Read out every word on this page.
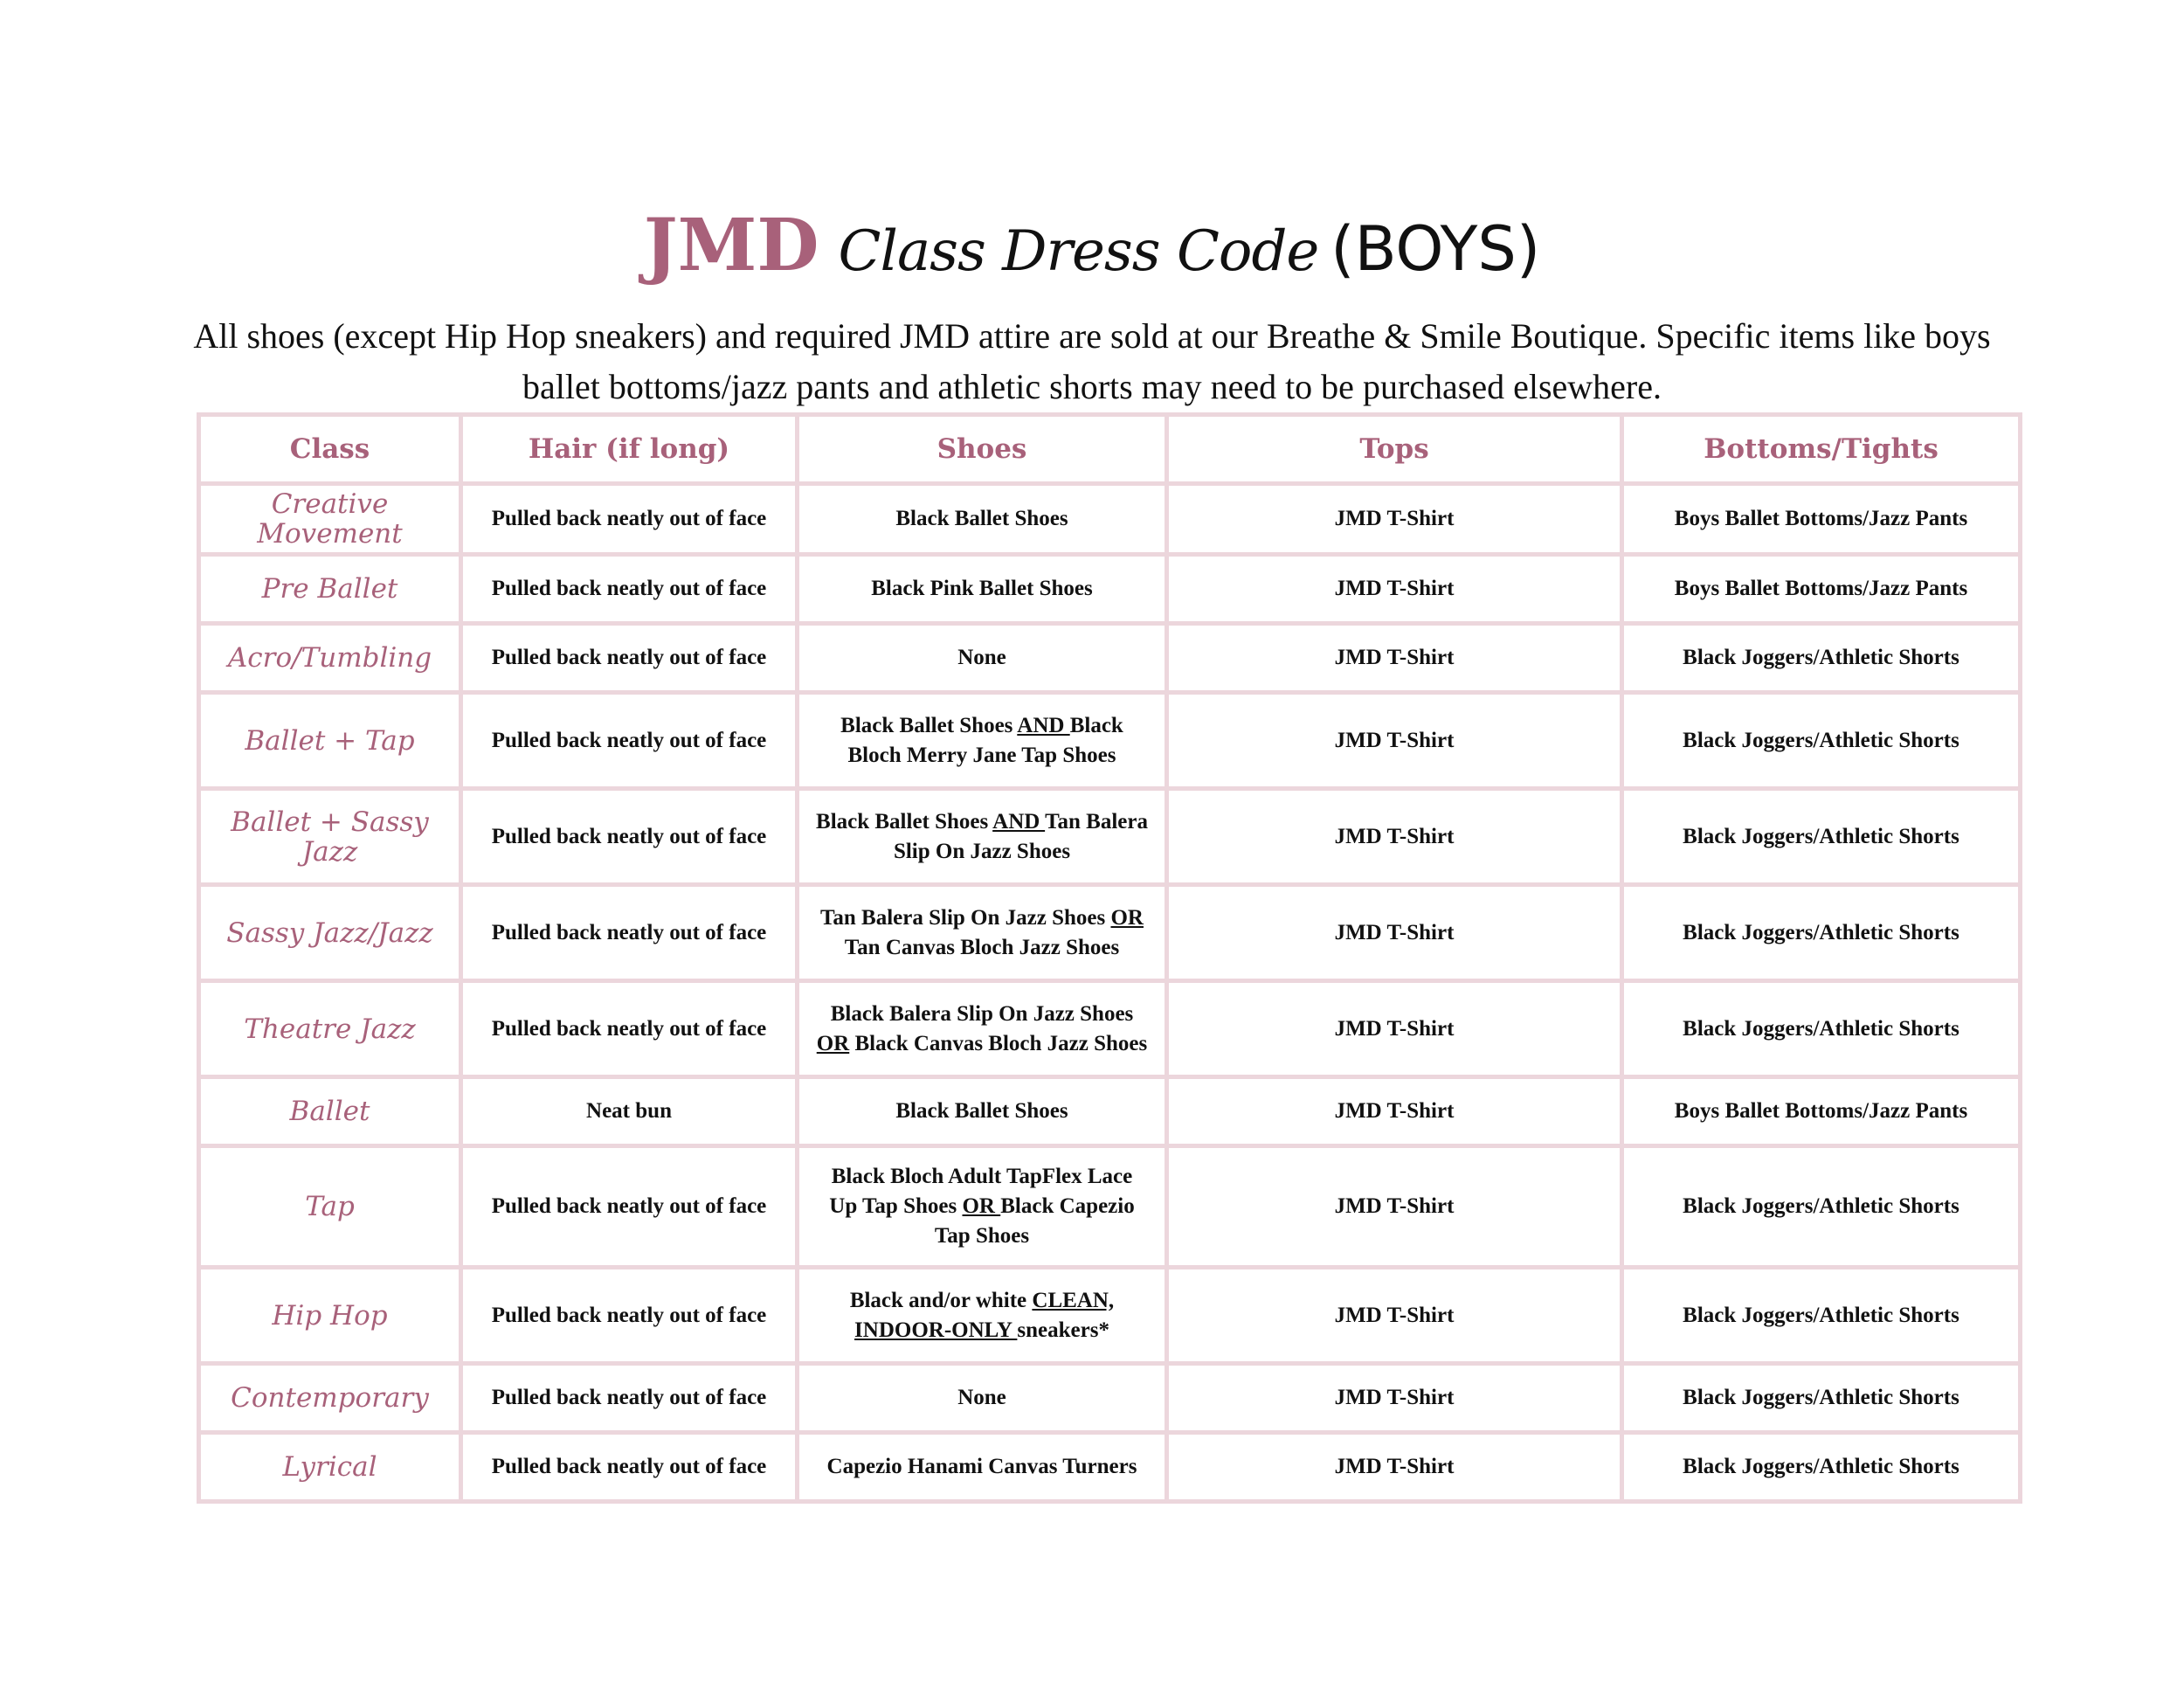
JMD Class Dress Code (BOYS)
All shoes (except Hip Hop sneakers) and required JMD attire are sold at our Breathe & Smile Boutique. Specific items like boys ballet bottoms/jazz pants and athletic shorts may need to be purchased elsewhere.
Class	Hair (if long)	Shoes	Tops	Bottoms/Tights
Creative Movement	Pulled back neatly out of face	Black Ballet Shoes	JMD T-Shirt	Boys Ballet Bottoms/Jazz Pants
Pre Ballet	Pulled back neatly out of face	Black Pink Ballet Shoes	JMD T-Shirt	Boys Ballet Bottoms/Jazz Pants
Acro/Tumbling	Pulled back neatly out of face	None	JMD T-Shirt	Black Joggers/Athletic Shorts
Ballet + Tap	Pulled back neatly out of face	Black Ballet Shoes AND Black Bloch Merry Jane Tap Shoes	JMD T-Shirt	Black Joggers/Athletic Shorts
Ballet + Sassy Jazz	Pulled back neatly out of face	Black Ballet Shoes AND Tan Balera Slip On Jazz Shoes	JMD T-Shirt	Black Joggers/Athletic Shorts
Sassy Jazz/Jazz	Pulled back neatly out of face	Tan Balera Slip On Jazz Shoes OR Tan Canvas Bloch Jazz Shoes	JMD T-Shirt	Black Joggers/Athletic Shorts
Theatre Jazz	Pulled back neatly out of face	Black Balera Slip On Jazz Shoes OR Black Canvas Bloch Jazz Shoes	JMD T-Shirt	Black Joggers/Athletic Shorts
Ballet	Neat bun	Black Ballet Shoes	JMD T-Shirt	Boys Ballet Bottoms/Jazz Pants
Tap	Pulled back neatly out of face	Black Bloch Adult TapFlex Lace Up Tap Shoes OR Black Capezio Tap Shoes	JMD T-Shirt	Black Joggers/Athletic Shorts
Hip Hop	Pulled back neatly out of face	Black and/or white CLEAN, INDOOR-ONLY sneakers*	JMD T-Shirt	Black Joggers/Athletic Shorts
Contemporary	Pulled back neatly out of face	None	JMD T-Shirt	Black Joggers/Athletic Shorts
Lyrical	Pulled back neatly out of face	Capezio Hanami Canvas Turners	JMD T-Shirt	Black Joggers/Athletic Shorts
